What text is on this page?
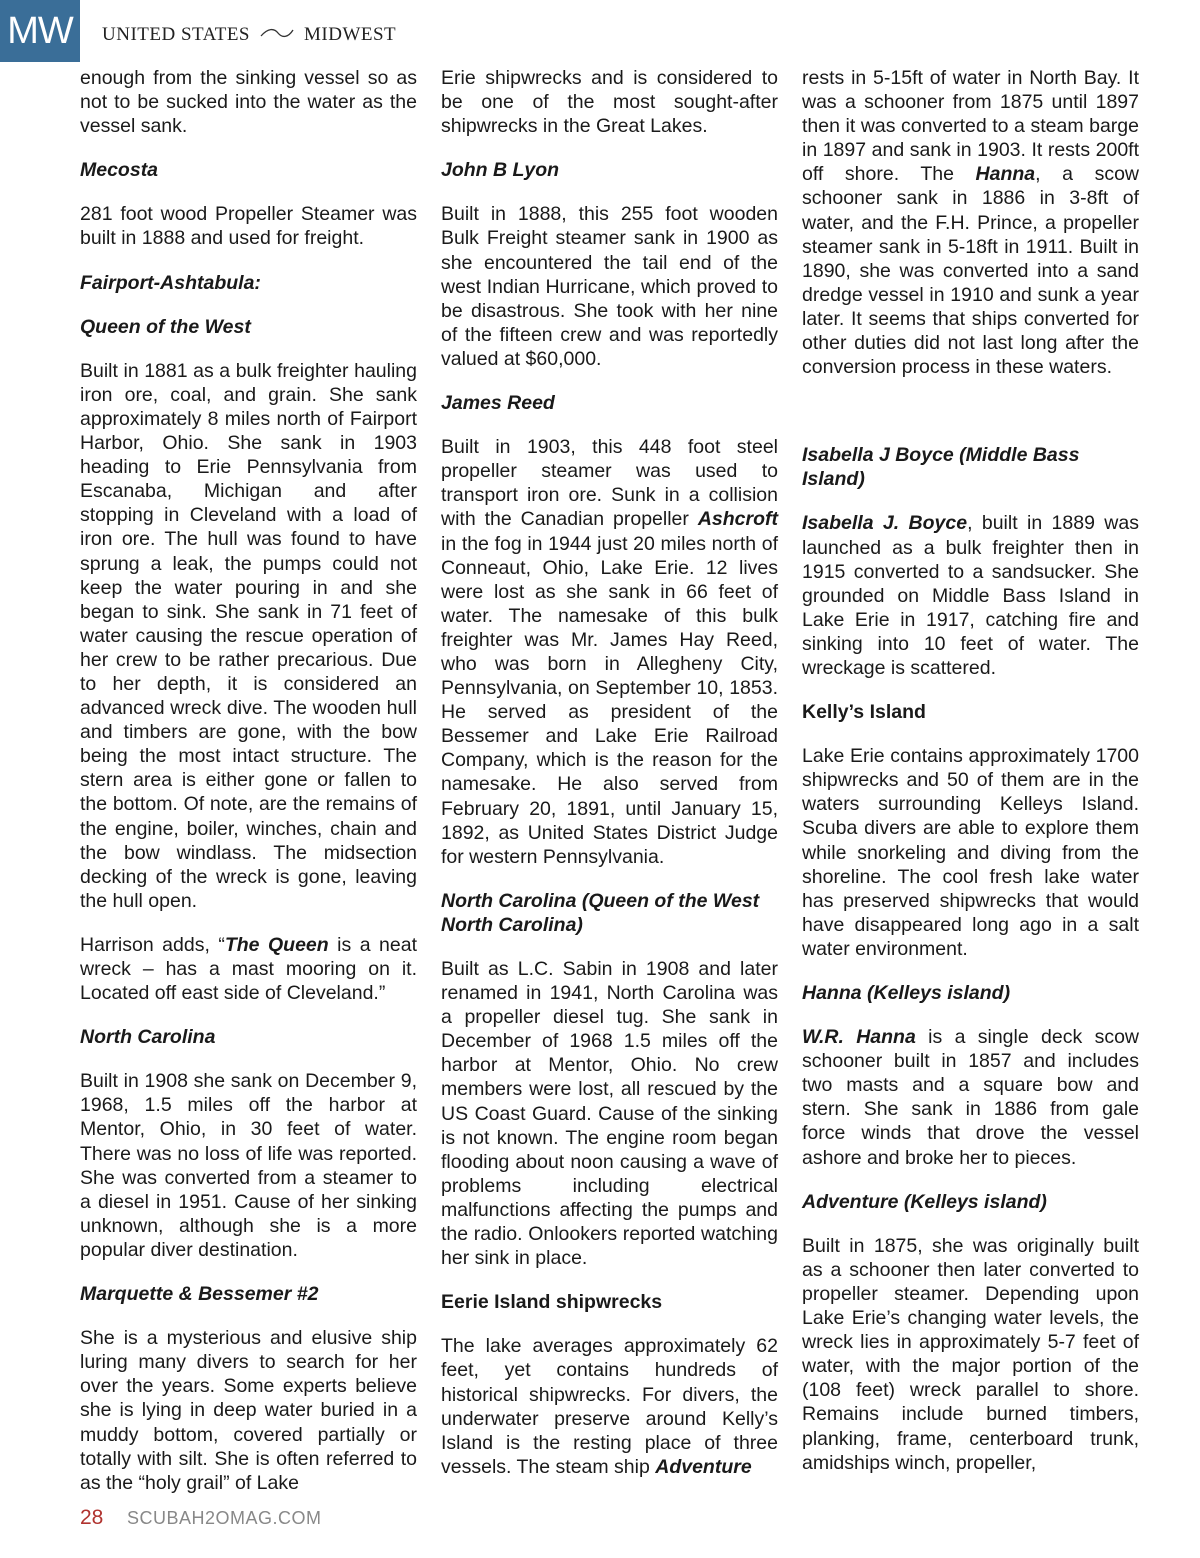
MW UNITED STATES	MIDWEST

enough from the sinking vessel so as not to be sucked into the water as the vessel sank.

Mecosta

281 foot wood Propeller Steamer was built in 1888 and used for freight.

Fairport-Ashtabula:
Queen of the West

Built in 1881 as a bulk freighter hauling iron ore, coal, and grain. She sank approximately 8 miles north of Fairport Harbor, Ohio. She sank in 1903 heading to Erie Pennsylvania from Escanaba, Michigan and after stopping in Cleveland with a load of iron ore. The hull was found to have sprung a leak, the pumps could not keep the water pouring in and she began to sink. She sank in 71 feet of water causing the rescue operation of her crew to be rather precarious. Due to her depth, it is considered an advanced wreck dive. The wooden hull and timbers are gone, with the bow being the most intact structure. The stern area is either gone or fallen to the bottom. Of note, are the remains of the engine, boiler, winches, chain and the bow windlass. The midsection decking of the wreck is gone, leaving the hull open.

Harrison adds, “The Queen is a neat wreck – has a mast mooring on it. Located off east side of Cleveland.”

North Carolina

Built in 1908 she sank on December 9, 1968, 1.5 miles off the harbor at Mentor, Ohio, in 30 feet of water. There was no loss of life was reported. She was converted from a steamer to a diesel in 1951. Cause of her sinking unknown, although she is a more popular diver destination.

Marquette & Bessemer #2

She is a mysterious and elusive ship luring many divers to search for her over the years. Some experts believe she is lying in deep water buried in a muddy bottom, covered partially or totally with silt. She is often referred to as the “holy grail” of Lake

Erie shipwrecks and is considered to be one of the most sought-after shipwrecks in the Great Lakes.

John B Lyon

Built in 1888, this 255 foot wooden Bulk Freight steamer sank in 1900 as she encountered the tail end of the west Indian Hurricane, which proved to be disastrous. She took with her nine of the fifteen crew and was reportedly valued at $60,000.

James Reed

Built in 1903, this 448 foot steel propeller steamer was used to transport iron ore. Sunk in a collision with the Canadian propeller Ashcroft in the fog in 1944 just 20 miles north of Conneaut, Ohio, Lake Erie. 12 lives were lost as she sank in 66 feet of water. The namesake of this bulk freighter was Mr. James Hay Reed, who was born in Allegheny City, Pennsylvania, on September 10, 1853. He served as president of the Bessemer and Lake Erie Railroad Company, which is the reason for the namesake. He also served from February 20, 1891, until January 15, 1892, as United States District Judge for western Pennsylvania.

North Carolina (Queen of the West North Carolina)

Built as L.C. Sabin in 1908 and later renamed in 1941, North Carolina was a propeller diesel tug. She sank in December of 1968 1.5 miles off the harbor at Mentor, Ohio. No crew members were lost, all rescued by the US Coast Guard. Cause of the sinking is not known. The engine room began flooding about noon causing a wave of problems including electrical malfunctions affecting the pumps and the radio. Onlookers reported watching her sink in place.

Eerie Island shipwrecks

The lake averages approximately 62 feet, yet contains hundreds of historical shipwrecks. For divers, the underwater preserve around Kelly’s Island is the resting place of three vessels. The steam ship Adventure

rests in 5-15ft of water in North Bay. It was a schooner from 1875 until 1897 then it was converted to a steam barge in 1897 and sank in 1903. It rests 200ft off shore. The Hanna, a scow schooner sank in 1886 in 3-8ft of water, and the F.H. Prince, a propeller steamer sank in 5-18ft in 1911. Built in 1890, she was converted into a sand dredge vessel in 1910 and sunk a year later. It seems that ships converted for other duties did not last long after the conversion process in these waters.

Isabella J Boyce (Middle Bass Island)

Isabella J. Boyce, built in 1889 was launched as a bulk freighter then in 1915 converted to a sandsucker. She grounded on Middle Bass Island in Lake Erie in 1917, catching fire and sinking into 10 feet of water. The wreckage is scattered.

Kelly’s Island

Lake Erie contains approximately 1700 shipwrecks and 50 of them are in the waters surrounding Kelleys Island. Scuba divers are able to explore them while snorkeling and diving from the shoreline. The cool fresh lake water has preserved shipwrecks that would have disappeared long ago in a salt water environment.

Hanna (Kelleys island)

W.R. Hanna is a single deck scow schooner built in 1857 and includes two masts and a square bow and stern. She sank in 1886 from gale force winds that drove the vessel ashore and broke her to pieces.

Adventure (Kelleys island)

Built in 1875, she was originally built as a schooner then later converted to propeller steamer. Depending upon Lake Erie’s changing water levels, the wreck lies in approximately 5-7 feet of water, with the major portion of the (108 feet) wreck parallel to shore. Remains include burned timbers, planking, frame, centerboard trunk, amidships winch, propeller,

28 SCUBAH2OMAG.COM
